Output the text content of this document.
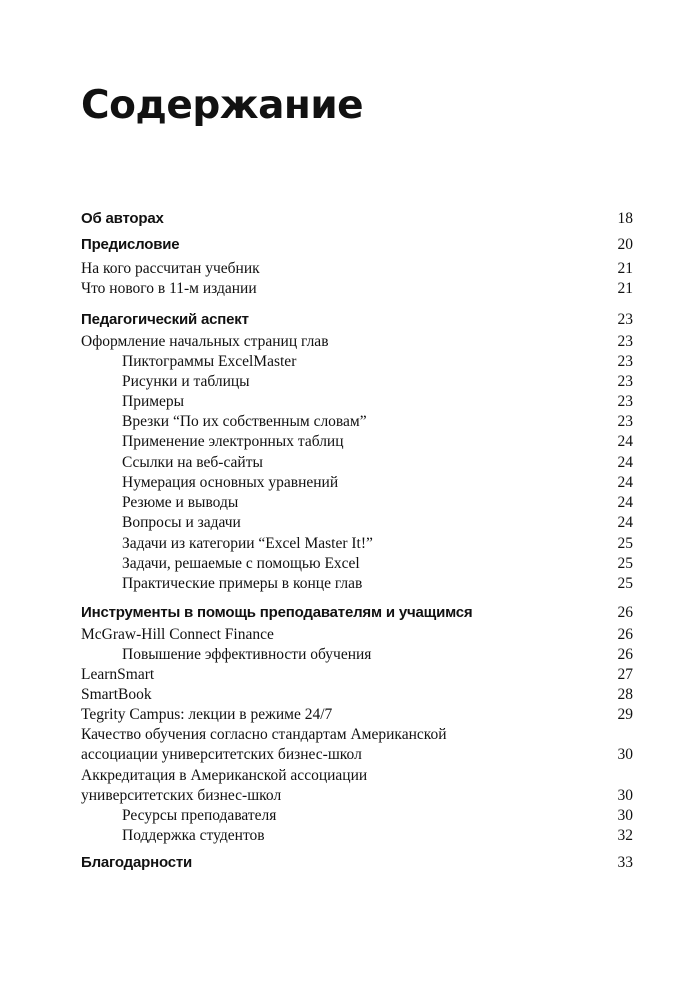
Содержание
Об авторах	18
Предисловие	20
На кого рассчитан учебник	21
Что нового в 11-м издании	21
Педагогический аспект	23
Оформление начальных страниц глав	23
Пиктограммы ExcelMaster	23
Рисунки и таблицы	23
Примеры	23
Врезки “По их собственным словам”	23
Применение электронных таблиц	24
Ссылки на веб-сайты	24
Нумерация основных уравнений	24
Резюме и выводы	24
Вопросы и задачи	24
Задачи из категории “Excel Master It!”	25
Задачи, решаемые с помощью Excel	25
Практические примеры в конце глав	25
Инструменты в помощь преподавателям и учащимся	26
McGraw-Hill Connect Finance	26
Повышение эффективности обучения	26
LearnSmart	27
SmartBook	28
Tegrity Campus: лекции в режиме 24/7	29
Качество обучения согласно стандартам Американской
ассоциации университетских бизнес-школ	30
Аккредитация в Американской ассоциации
университетских бизнес-школ	30
Ресурсы преподавателя	30
Поддержка студентов	32
Благодарности	33
